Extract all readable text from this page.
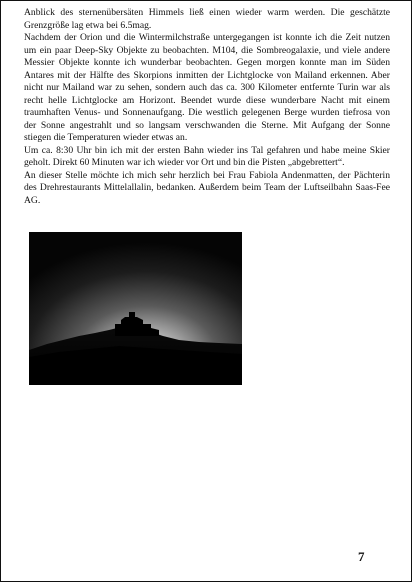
Anblick des sternenübersäten Himmels ließ einen wieder warm werden. Die geschätzte Grenzgröße lag etwa bei 6.5mag.

Nachdem der Orion und die Wintermilchstraße untergegangen ist konnte ich die Zeit nutzen um ein paar Deep-Sky Objekte zu beobachten. M104, die Sombreogalaxie, und viele andere Messier Objekte konnte ich wunderbar beobachten. Gegen morgen konnte man im Süden Antares mit der Hälfte des Skorpions inmitten der Lichtglocke von Mailand erkennen. Aber nicht nur Mailand war zu sehen, sondern auch das ca. 300 Kilometer entfernte Turin war als recht helle Lichtglocke am Horizont. Beendet wurde diese wunderbare Nacht mit einem traumhaften Venus- und Sonnenaufgang. Die westlich gelegenen Berge wurden tiefrosa von der Sonne angestrahlt und so langsam verschwanden die Sterne. Mit Aufgang der Sonne stiegen die Temperaturen wieder etwas an.

Um ca. 8:30 Uhr bin ich mit der ersten Bahn wieder ins Tal gefahren und habe meine Skier geholt. Direkt 60 Minuten war ich wieder vor Ort und bin die Pisten „abgebrettert“.

An dieser Stelle möchte ich mich sehr herzlich bei Frau Fabiola Andenmatten, der Pächterin des Drehrestaurants Mittelallalin, bedanken. Außerdem beim Team der Luftseilbahn Saas-Fee AG.

7
